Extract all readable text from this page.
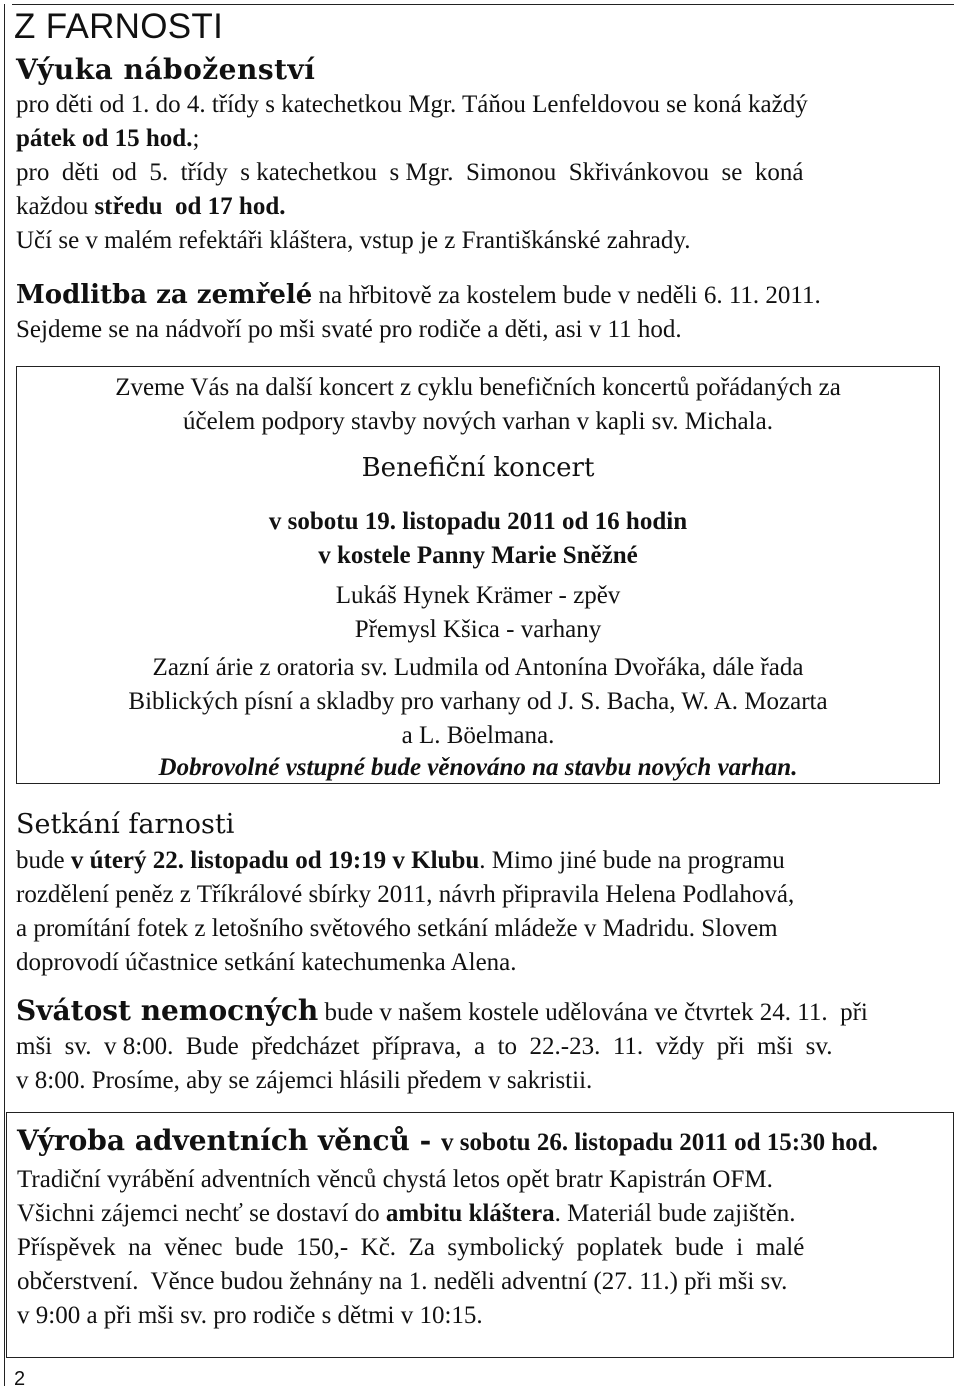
Z FARNOSTI
Výuka náboženství
pro děti od 1. do 4. třídy s katechetkou Mgr. Táňou Lenfeldovou se koná každý
pátek od 15 hod.;
pro  děti  od  5.  třídy  s katechetkou  s Mgr.  Simonou  Skřivánkovou  se  koná
každou středu  od 17 hod.
Učí se v malém refektáři kláštera, vstup je z Františkánské zahrady.
Modlitba za zemřelé na hřbitově za kostelem bude v neděli 6. 11. 2011.
Sejdeme se na nádvoří po mši svaté pro rodiče a děti, asi v 11 hod.
Zveme Vás na další koncert z cyklu benefičních koncertů pořádaných za
účelem podpory stavby nových varhan v kapli sv. Michala.
Benefiční koncert
v sobotu 19. listopadu 2011 od 16 hodin
v kostele Panny Marie Sněžné
Lukáš Hynek Krämer - zpěv
Přemysl Kšica - varhany
Zazní árie z oratoria sv. Ludmila od Antonína Dvořáka, dále řada
Biblických písní a skladby pro varhany od J. S. Bacha, W. A. Mozarta
a L. Böelmana.
Dobrovolné vstupné bude věnováno na stavbu nových varhan.
Setkání farnosti
bude v úterý 22. listopadu od 19:19 v Klubu. Mimo jiné bude na programu
rozdělení peněz z Tříkrálové sbírky 2011, návrh připravila Helena Podlahová,
a promítání fotek z letošního světového setkání mládeže v Madridu. Slovem
doprovodí účastnice setkání katechumenka Alena.
Svátost nemocných bude v našem kostele udělována ve čtvrtek 24. 11.  při
mši  sv.  v 8:00.  Bude  předcházet  příprava,  a  to  22.-23.  11.  vždy  při  mši  sv.
v 8:00. Prosíme, aby se zájemci hlásili předem v sakristii.
Výroba adventních věnců - v sobotu 26. listopadu 2011 od 15:30 hod.
Tradiční vyrábění adventních věnců chystá letos opět bratr Kapistrán OFM.
Všichni zájemci nechť se dostaví do ambitu kláštera. Materiál bude zajištěn.
Příspěvek  na  věnec  bude  150,-  Kč.  Za  symbolický  poplatek  bude  i  malé
občerstvení.  Věnce budou žehnány na 1. neděli adventní (27. 11.) při mši sv.
v 9:00 a při mši sv. pro rodiče s dětmi v 10:15.
2
